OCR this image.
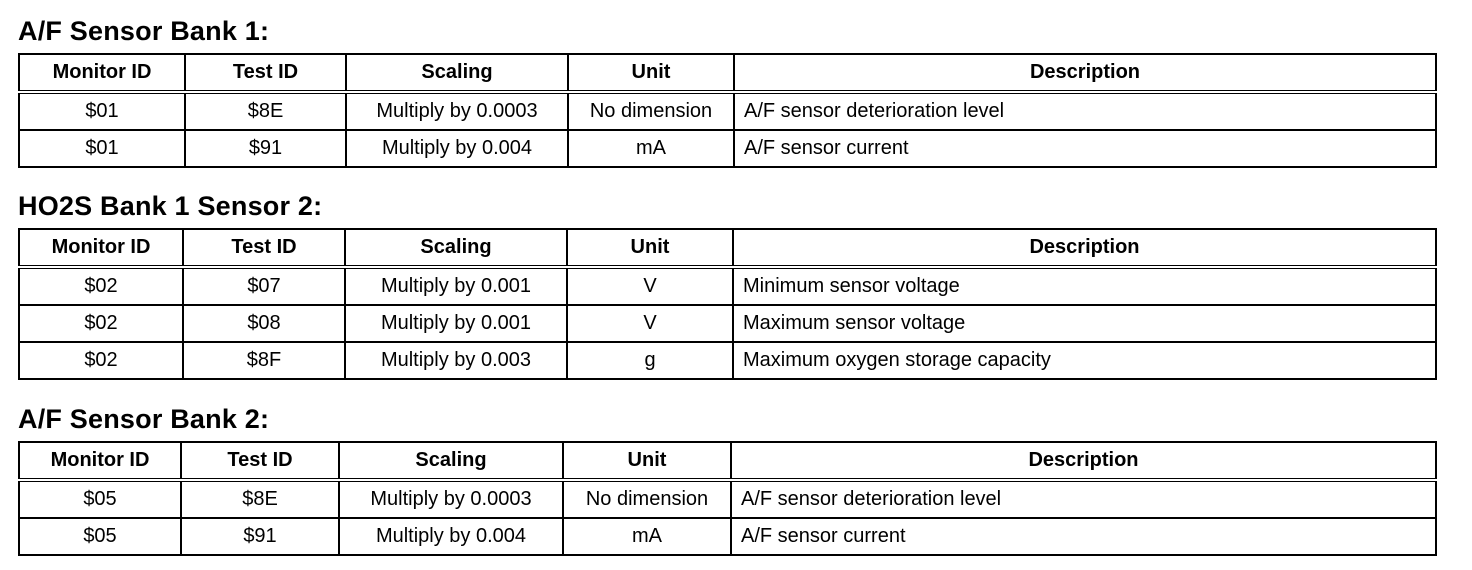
A/F Sensor Bank 1:
Monitor ID	Test ID	Scaling	Unit	Description
$01	$8E	Multiply by 0.0003	No dimension	A/F sensor deterioration level
$01	$91	Multiply by 0.004	mA	A/F sensor current
HO2S Bank 1 Sensor 2:
Monitor ID	Test ID	Scaling	Unit	Description
$02	$07	Multiply by 0.001	V	Minimum sensor voltage
$02	$08	Multiply by 0.001	V	Maximum sensor voltage
$02	$8F	Multiply by 0.003	g	Maximum oxygen storage capacity
A/F Sensor Bank 2:
Monitor ID	Test ID	Scaling	Unit	Description
$05	$8E	Multiply by 0.0003	No dimension	A/F sensor deterioration level
$05	$91	Multiply by 0.004	mA	A/F sensor current
